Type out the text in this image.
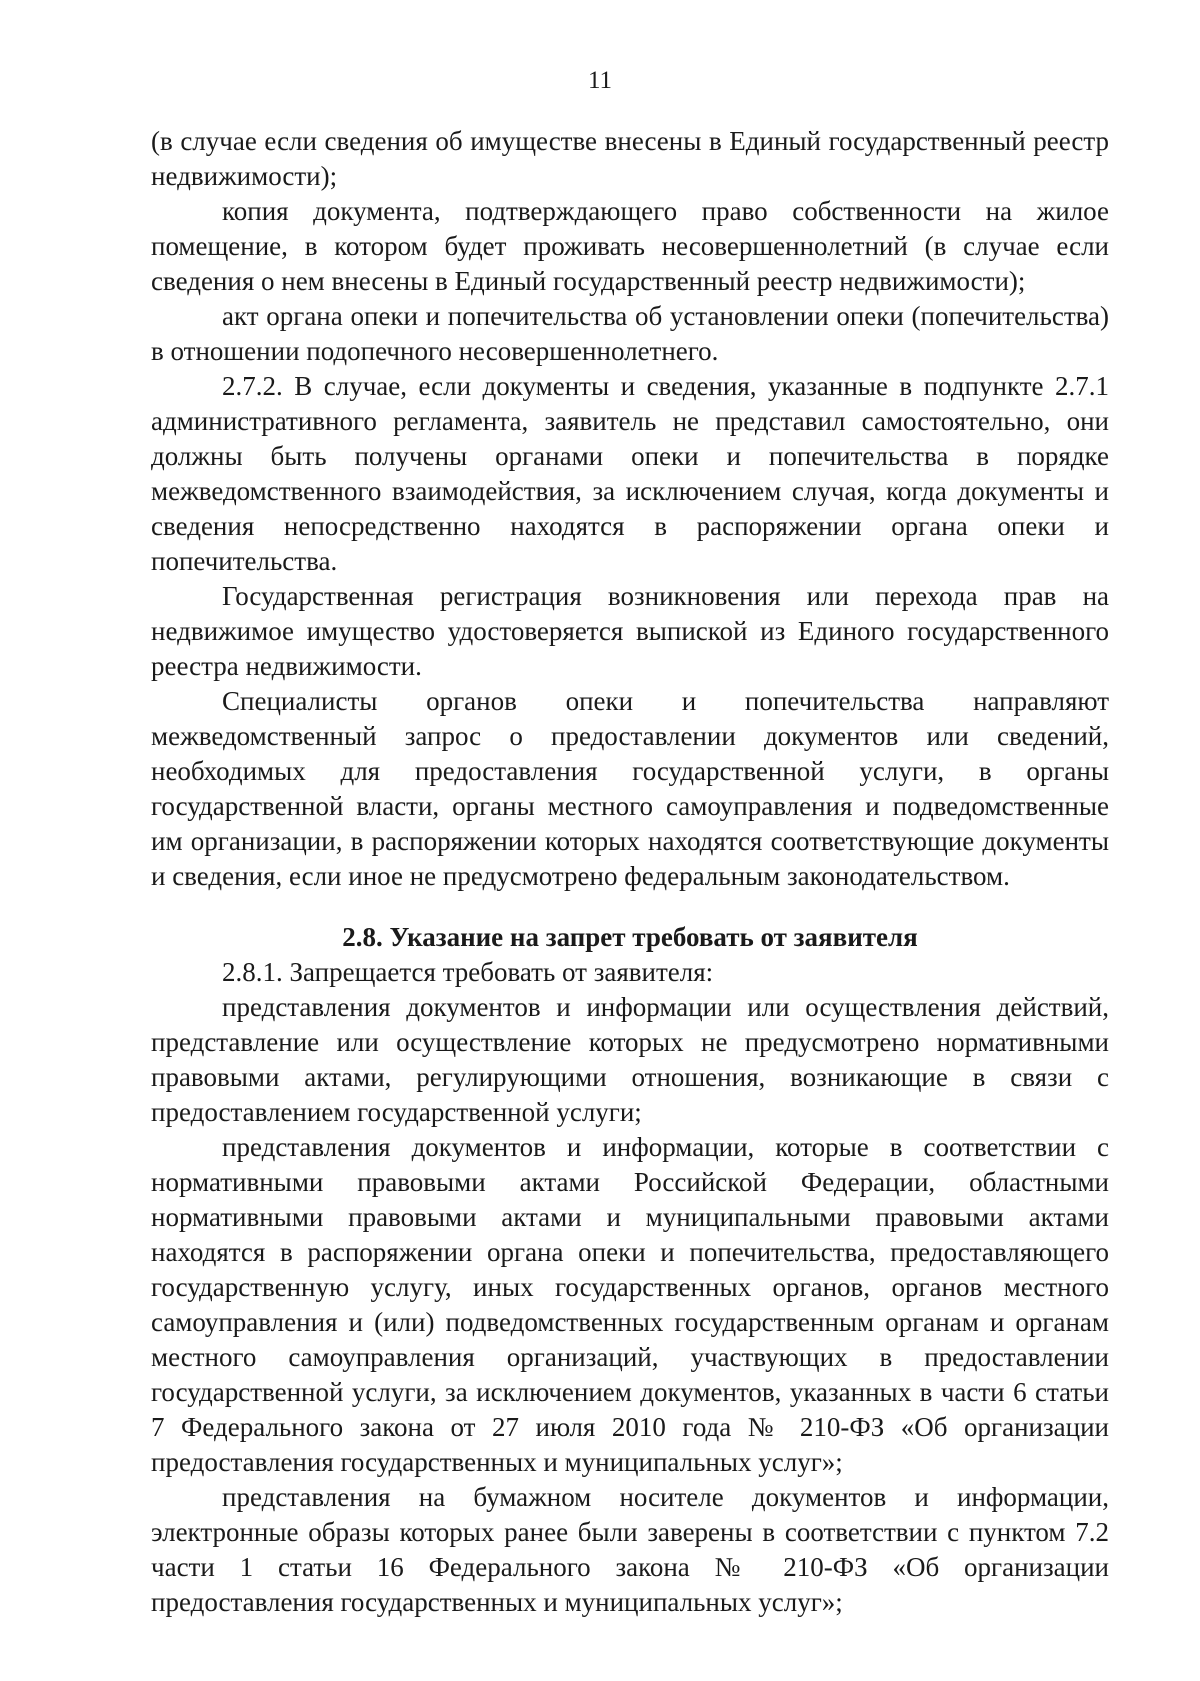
11

(в случае если сведения об имуществе внесены в Единый государственный реестр недвижимости);

копия документа, подтверждающего право собственности на жилое помещение, в котором будет проживать несовершеннолетний (в случае если сведения о нем внесены в Единый государственный реестр недвижимости);

акт органа опеки и попечительства об установлении опеки (попечительства) в отношении подопечного несовершеннолетнего.

2.7.2. В случае, если документы и сведения, указанные в подпункте 2.7.1 административного регламента, заявитель не представил самостоятельно, они должны быть получены органами опеки и попечительства в порядке межведомственного взаимодействия, за исключением случая, когда документы и сведения непосредственно находятся в распоряжении органа опеки и попечительства.

Государственная регистрация возникновения или перехода прав на недвижимое имущество удостоверяется выпиской из Единого государственного реестра недвижимости.

Специалисты органов опеки и попечительства направляют межведомственный запрос о предоставлении документов или сведений, необходимых для предоставления государственной услуги, в органы государственной власти, органы местного самоуправления и подведомственные им организации, в распоряжении которых находятся соответствующие документы и сведения, если иное не предусмотрено федеральным законодательством.

2.8. Указание на запрет требовать от заявителя

2.8.1. Запрещается требовать от заявителя:

представления документов и информации или осуществления действий, представление или осуществление которых не предусмотрено нормативными правовыми актами, регулирующими отношения, возникающие в связи с предоставлением государственной услуги;

представления документов и информации, которые в соответствии с нормативными правовыми актами Российской Федерации, областными нормативными правовыми актами и муниципальными правовыми актами находятся в распоряжении органа опеки и попечительства, предоставляющего государственную услугу, иных государственных органов, органов местного самоуправления и (или) подведомственных государственным органам и органам местного самоуправления организаций, участвующих в предоставлении государственной услуги, за исключением документов, указанных в части 6 статьи 7 Федерального закона от 27 июля 2010 года № 210-ФЗ «Об организации предоставления государственных и муниципальных услуг»;

представления на бумажном носителе документов и информации, электронные образы которых ранее были заверены в соответствии с пунктом 7.2 части 1 статьи 16 Федерального закона № 210-ФЗ «Об организации предоставления государственных и муниципальных услуг»;
